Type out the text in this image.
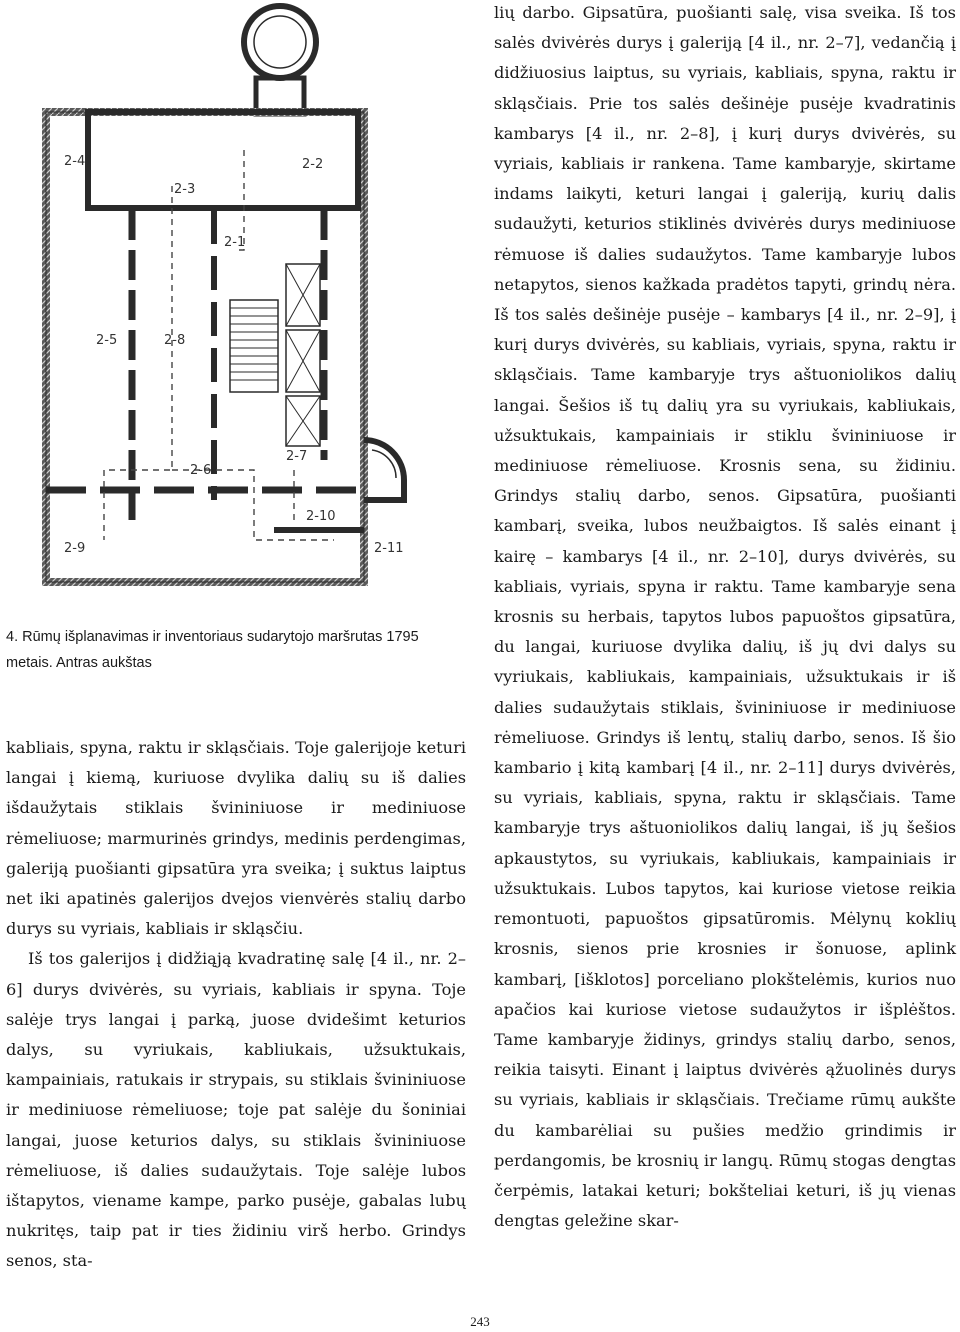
2-4	2-2
2-3
2-1
2-5	2-8
2-6
2-7
2-10
2-9	2-11
4. Rūmų išplanavimas ir inventoriaus sudarytojo maršrutas 1795 metais. Antras aukštas

kabliais, spyna, raktu ir skląsčiais. Toje galerijoje keturi langai į kiemą, kuriuose dvylika dalių su iš dalies išdaužytais stiklais švininiuose ir mediniuose rėmeliuose; marmurinės grindys, medinis perdengimas, galeriją puošianti gipsatūra yra sveika; į suktus laiptus net iki apatinės galerijos dvejos vienvėrės stalių darbo durys su vyriais, kabliais ir skląsčiu.

Iš tos galerijos į didžiąją kvadratinę salę [4 il., nr. 2–6] durys dvivėrės, su vyriais, kabliais ir spyna. Toje salėje trys langai į parką, juose dvidešimt keturios dalys, su vyriukais, kabliukais, užsuktukais, kampainiais, ratukais ir strypais, su stiklais švininiuose ir mediniuose rėmeliuose; toje pat salėje du šoniniai langai, juose keturios dalys, su stiklais švininiuose rėmeliuose, iš dalies sudaužytais. Toje salėje lubos ištapytos, viename kampe, parko pusėje, gabalas lubų nukritęs, taip pat ir ties židiniu virš herbo. Grindys senos, sta-

lių darbo. Gipsatūra, puošianti salę, visa sveika. Iš tos salės dvivėrės durys į galeriją [4 il., nr. 2–7], vedančią į didžiuosius laiptus, su vyriais, kabliais, spyna, raktu ir skląsčiais. Prie tos salės dešinėje pusėje kvadratinis kambarys [4 il., nr. 2–8], į kurį durys dvivėrės, su vyriais, kabliais ir rankena. Tame kambaryje, skirtame indams laikyti, keturi langai į galeriją, kurių dalis sudaužyti, keturios stiklinės dvivėrės durys mediniuose rėmuose iš dalies sudaužytos. Tame kambaryje lubos netapytos, sienos kažkada pradėtos tapyti, grindų nėra. Iš tos salės dešinėje pusėje – kambarys [4 il., nr. 2–9], į kurį durys dvivėrės, su kabliais, vyriais, spyna, raktu ir skląsčiais. Tame kambaryje trys aštuoniolikos dalių langai. Šešios iš tų dalių yra su vyriukais, kabliukais, užsuktukais, kampainiais ir stiklu švininiuose ir mediniuose rėmeliuose. Krosnis sena, su židiniu. Grindys stalių darbo, senos. Gipsatūra, puošianti kambarį, sveika, lubos neužbaigtos. Iš salės einant į kairę – kambarys [4 il., nr. 2–10], durys dvivėrės, su kabliais, vyriais, spyna ir raktu. Tame kambaryje sena krosnis su herbais, tapytos lubos papuoštos gipsatūra, du langai, kuriuose dvylika dalių, iš jų dvi dalys su vyriukais, kabliukais, kampainiais, užsuktukais ir iš dalies sudaužytais stiklais, švininiuose ir mediniuose rėmeliuose. Grindys iš lentų, stalių darbo, senos. Iš šio kambario į kitą kambarį [4 il., nr. 2–11] durys dvivėrės, su vyriais, kabliais, spyna, raktu ir skląsčiais. Tame kambaryje trys aštuoniolikos dalių langai, iš jų šešios apkaustytos, su vyriukais, kabliukais, kampainiais ir užsuktukais. Lubos tapytos, kai kuriose vietose reikia remontuoti, papuoštos gipsatūromis. Mėlynų koklių krosnis, sienos prie krosnies ir šonuose, aplink kambarį, [išklotos] porceliano plokštelėmis, kurios nuo apačios kai kuriose vietose sudaužytos ir išplėštos. Tame kambaryje židinys, grindys stalių darbo, senos, reikia taisyti. Einant į laiptus dvivėrės ąžuolinės durys su vyriais, kabliais ir skląsčiais. Trečiame rūmų aukšte du kambarėliai su pušies medžio grindimis ir perdangomis, be krosnių ir langų. Rūmų stogas dengtas čerpėmis, latakai keturi; bokšteliai keturi, iš jų vienas dengtas geležine skar-

243
